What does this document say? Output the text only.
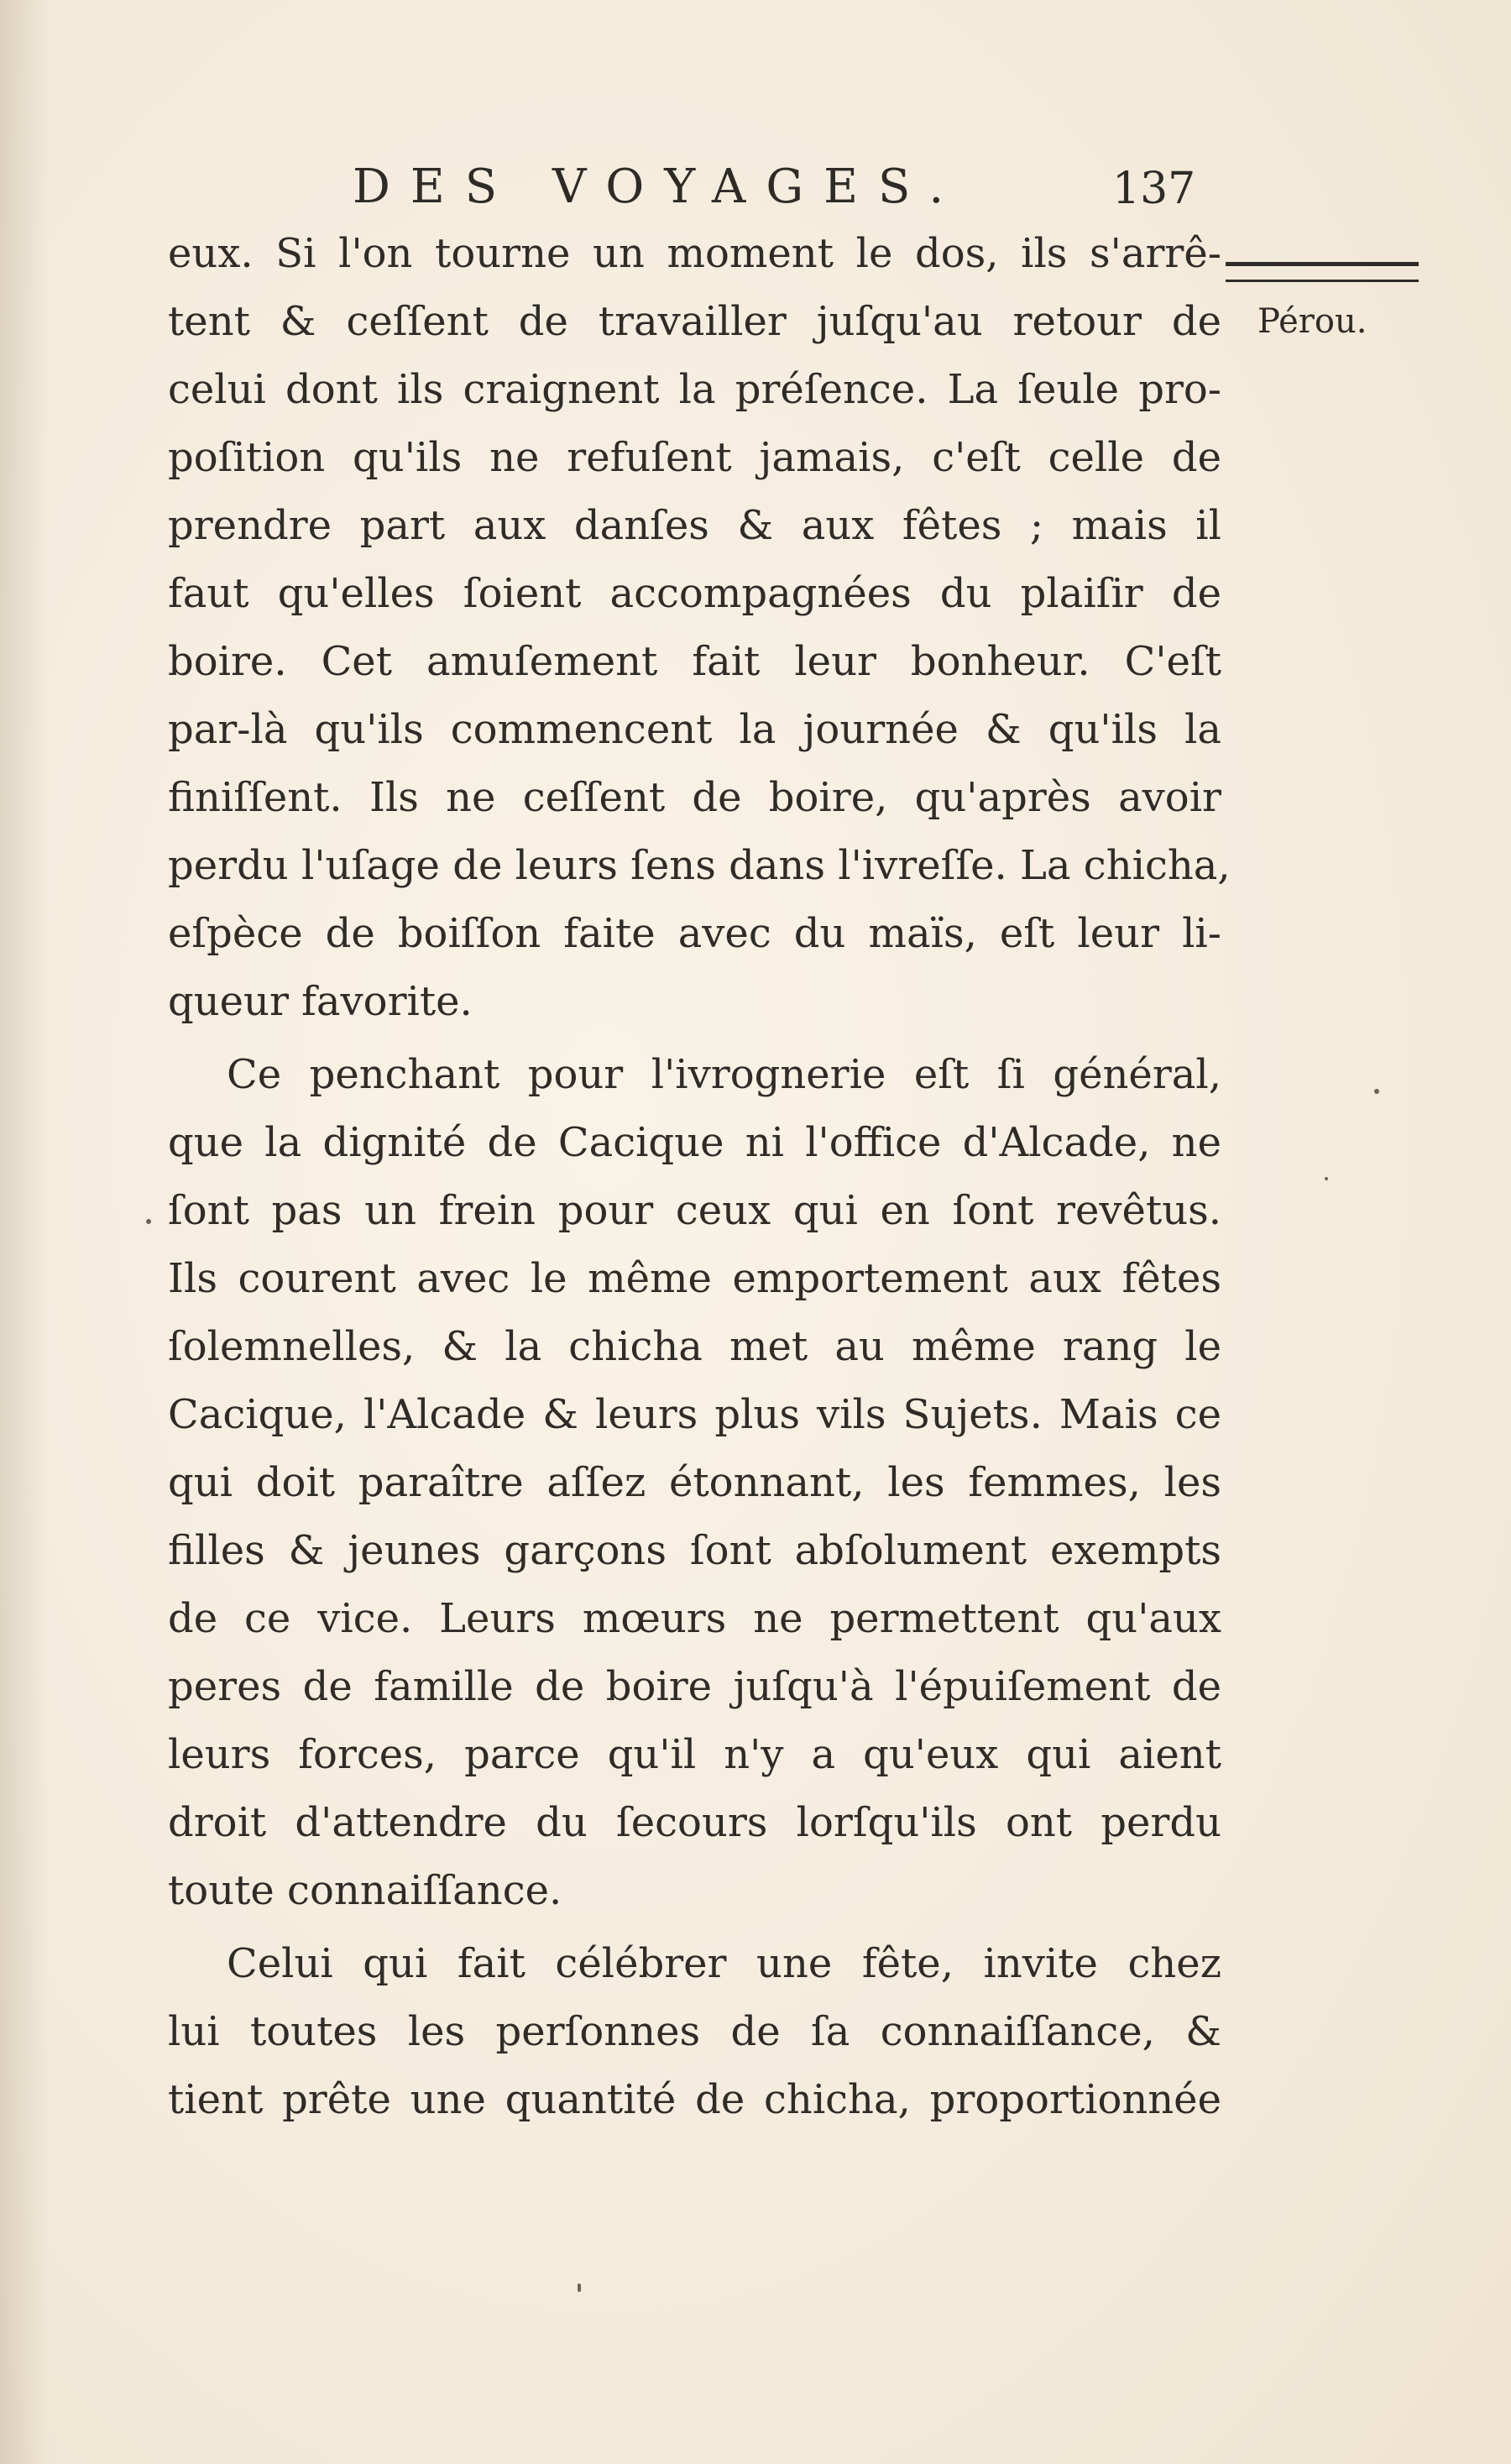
DES VOYAGES.	137
Pérou.
eux. Si l'on tourne un moment le dos, ils s'arrê-
tent & ceſſent de travailler juſqu'au retour de
celui dont ils craignent la préſence. La ſeule pro-
poſition qu'ils ne refuſent jamais, c'eſt celle de
prendre part aux danſes & aux fêtes ; mais il
faut qu'elles ſoient accompagnées du plaiſir de
boire. Cet amuſement fait leur bonheur. C'eſt
par-là qu'ils commencent la journée & qu'ils la
finiſſent. Ils ne ceſſent de boire, qu'après avoir
perdu l'uſage de leurs ſens dans l'ivreſſe. La chicha,
eſpèce de boiſſon faite avec du maïs, eſt leur li-
queur favorite.
Ce penchant pour l'ivrognerie eſt ſi général,
que la dignité de Cacique ni l'office d'Alcade, ne
ſont pas un frein pour ceux qui en ſont revêtus.
Ils courent avec le même emportement aux fêtes
ſolemnelles, & la chicha met au même rang le
Cacique, l'Alcade & leurs plus vils Sujets. Mais ce
qui doit paraître aſſez étonnant, les femmes, les
filles & jeunes garçons ſont abſolument exempts
de ce vice. Leurs mœurs ne permettent qu'aux
peres de famille de boire juſqu'à l'épuiſement de
leurs forces, parce qu'il n'y a qu'eux qui aient
droit d'attendre du ſecours lorſqu'ils ont perdu
toute connaiſſance.
Celui qui fait célébrer une fête, invite chez
lui toutes les perſonnes de ſa connaiſſance, &
tient prête une quantité de chicha, proportionnée
